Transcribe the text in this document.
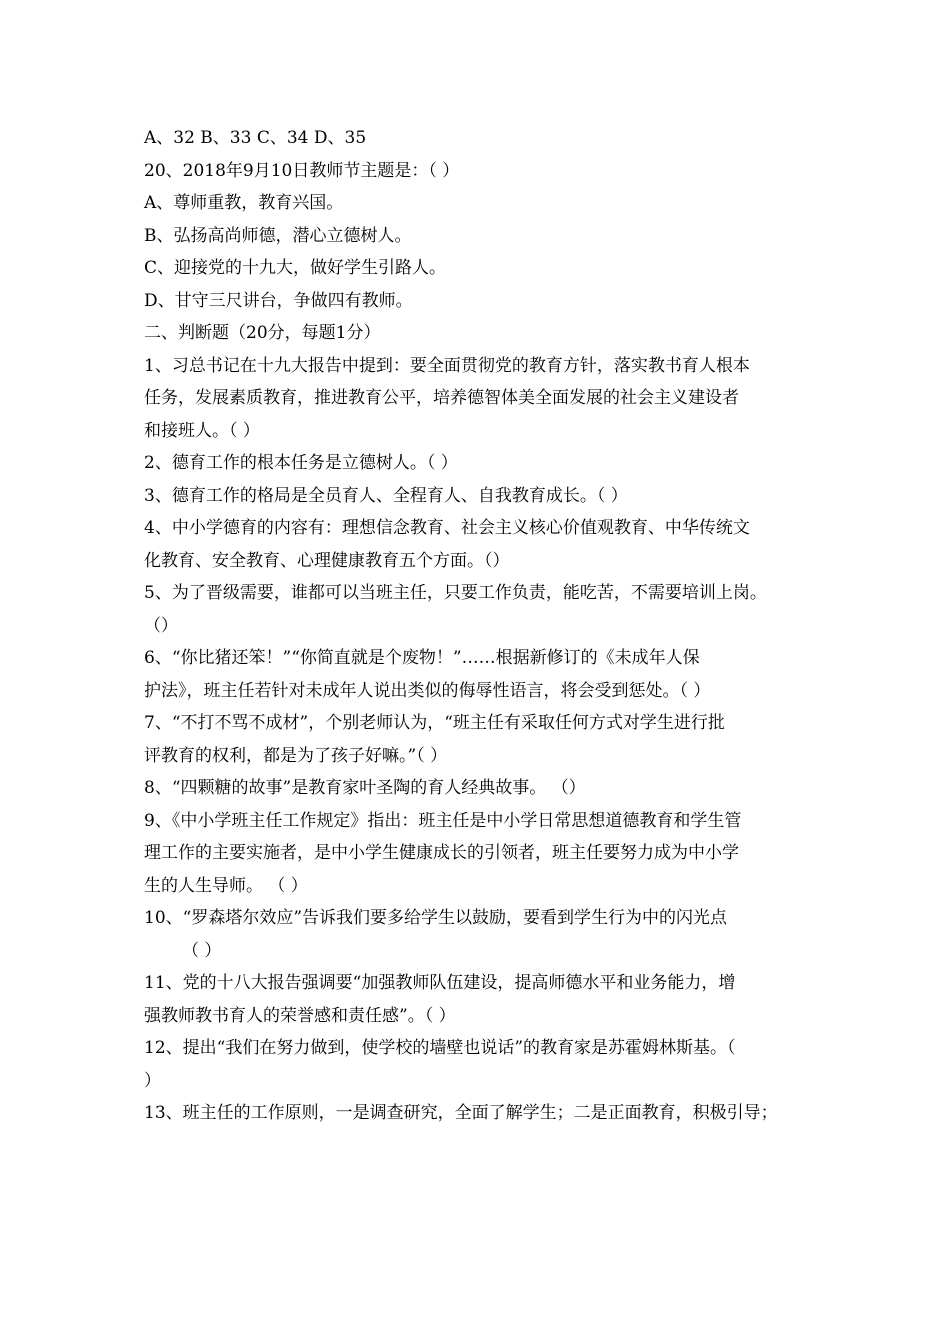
A、32 B、33 C、34 D、35
20、2018年9月10日教师节主题是：（ ）
A、尊师重教，教育兴国。
B、弘扬高尚师德，潜心立德树人。
C、迎接党的十九大，做好学生引路人。
D、甘守三尺讲台，争做四有教师。
二、判断题（20分，每题1分）
1、习总书记在十九大报告中提到：要全面贯彻党的教育方针，落实教书育人根本
任务，发展素质教育，推进教育公平，培养德智体美全面发展的社会主义建设者
和接班人。（ ）
2、德育工作的根本任务是立德树人。（ ）
3、德育工作的格局是全员育人、全程育人、自我教育成长。（ ）
4、中小学德育的内容有：理想信念教育、社会主义核心价值观教育、中华传统文
化教育、安全教育、心理健康教育五个方面。（）
5、为了晋级需要，谁都可以当班主任，只要工作负责，能吃苦，不需要培训上岗。
（）
6、“你比猪还笨！”“你简直就是个废物！”……根据新修订的《未成年人保
护法》，班主任若针对未成年人说出类似的侮辱性语言，将会受到惩处。（ ）
7、“不打不骂不成材”，个别老师认为，“班主任有采取任何方式对学生进行批
评教育的权利，都是为了孩子好嘛。”（ ）
8、“四颗糖的故事”是教育家叶圣陶的育人经典故事。 （）
9、《中小学班主任工作规定》指出：班主任是中小学日常思想道德教育和学生管
理工作的主要实施者，是中小学生健康成长的引领者，班主任要努力成为中小学
生的人生导师。 （ ）
10、“罗森塔尔效应”告诉我们要多给学生以鼓励，要看到学生行为中的闪光点
（ ）
11、党的十八大报告强调要“加强教师队伍建设，提高师德水平和业务能力，增
强教师教书育人的荣誉感和责任感”。（ ）
12、提出“我们在努力做到，使学校的墙壁也说话”的教育家是苏霍姆林斯基。（
）
13、班主任的工作原则，一是调查研究，全面了解学生；二是正面教育，积极引导；
